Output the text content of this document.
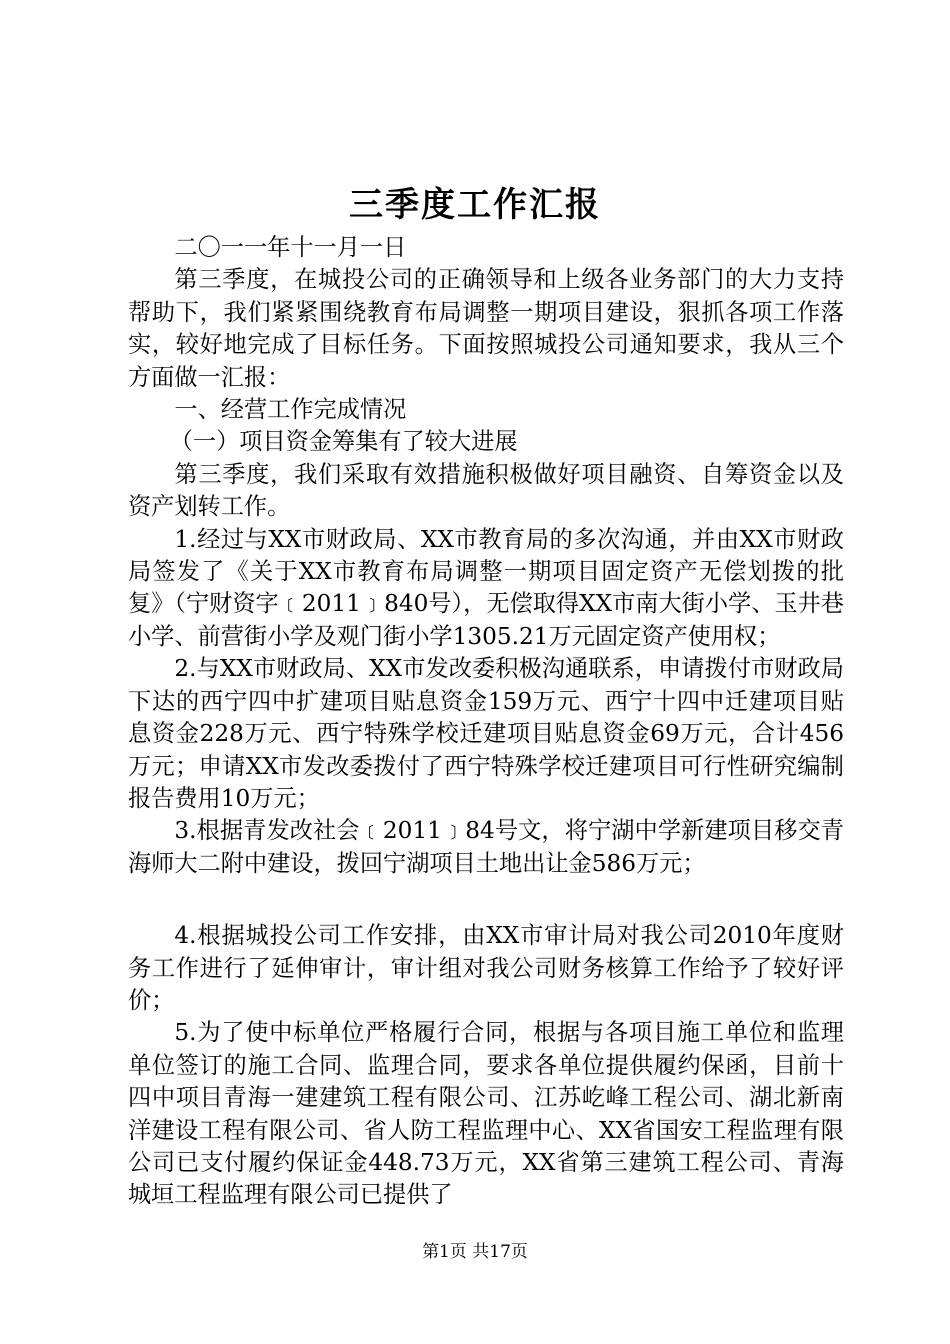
三季度工作汇报

二〇一一年十一月一日

第三季度，在城投公司的正确领导和上级各业务部门的大力支持帮助下，我们紧紧围绕教育布局调整一期项目建设，狠抓各项工作落实，较好地完成了目标任务。下面按照城投公司通知要求，我从三个方面做一汇报：

一、经营工作完成情况

（一）项目资金筹集有了较大进展

第三季度，我们采取有效措施积极做好项目融资、自筹资金以及资产划转工作。

1.经过与XX市财政局、XX市教育局的多次沟通，并由XX市财政局签发了《关于XX市教育布局调整一期项目固定资产无偿划拨的批复》（宁财资字﹝2011﹞840号），无偿取得XX市南大街小学、玉井巷小学、前营街小学及观门街小学1305.21万元固定资产使用权；

2.与XX市财政局、XX市发改委积极沟通联系，申请拨付市财政局下达的西宁四中扩建项目贴息资金159万元、西宁十四中迁建项目贴息资金228万元、西宁特殊学校迁建项目贴息资金69万元，合计456万元；申请XX市发改委拨付了西宁特殊学校迁建项目可行性研究编制报告费用10万元；

3.根据青发改社会﹝2011﹞84号文，将宁湖中学新建项目移交青海师大二附中建设，拨回宁湖项目土地出让金586万元；

4.根据城投公司工作安排，由XX市审计局对我公司2010年度财务工作进行了延伸审计，审计组对我公司财务核算工作给予了较好评价；

5.为了使中标单位严格履行合同，根据与各项目施工单位和监理单位签订的施工合同、监理合同，要求各单位提供履约保函，目前十四中项目青海一建建筑工程有限公司、江苏屹峰工程公司、湖北新南洋建设工程有限公司、省人防工程监理中心、XX省国安工程监理有限公司已支付履约保证金448.73万元，XX省第三建筑工程公司、青海城垣工程监理有限公司已提供了

第1页 共17页
